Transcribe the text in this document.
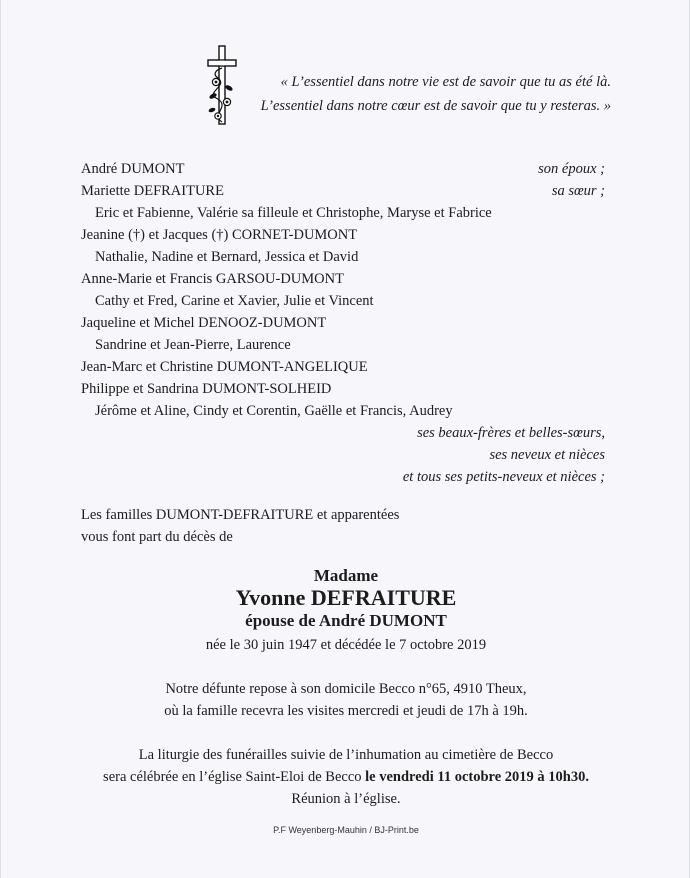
« L’essentiel dans notre vie est de savoir que tu as été là.
L’essentiel dans notre cœur est de savoir que tu y resteras. »
André DUMONT	son époux ;
Mariette DEFRAITURE	sa sœur ;
Eric et Fabienne, Valérie sa filleule et Christophe, Maryse et Fabrice
Jeanine (†) et Jacques (†) CORNET-DUMONT
Nathalie, Nadine et Bernard, Jessica et David
Anne-Marie et Francis GARSOU-DUMONT
Cathy et Fred, Carine et Xavier, Julie et Vincent
Jaqueline et Michel DENOOZ-DUMONT
Sandrine et Jean-Pierre, Laurence
Jean-Marc et Christine DUMONT-ANGELIQUE
Philippe et Sandrina DUMONT-SOLHEID
Jérôme et Aline, Cindy et Corentin, Gaëlle et Francis, Audrey
ses beaux-frères et belles-sœurs,
ses neveux et nièces
et tous ses petits-neveux et nièces ;
Les familles DUMONT-DEFRAITURE et apparentées
vous font part du décès de
Madame
Yvonne DEFRAITURE
épouse de André DUMONT
née le 30 juin 1947 et décédée le 7 octobre 2019
Notre défunte repose à son domicile Becco n°65, 4910 Theux,
où la famille recevra les visites mercredi et jeudi de 17h à 19h.
La liturgie des funérailles suivie de l’inhumation au cimetière de Becco
sera célébrée en l’église Saint-Eloi de Becco le vendredi 11 octobre 2019 à 10h30.
Réunion à l’église.
P.F Weyenberg-Mauhin / BJ-Print.be
